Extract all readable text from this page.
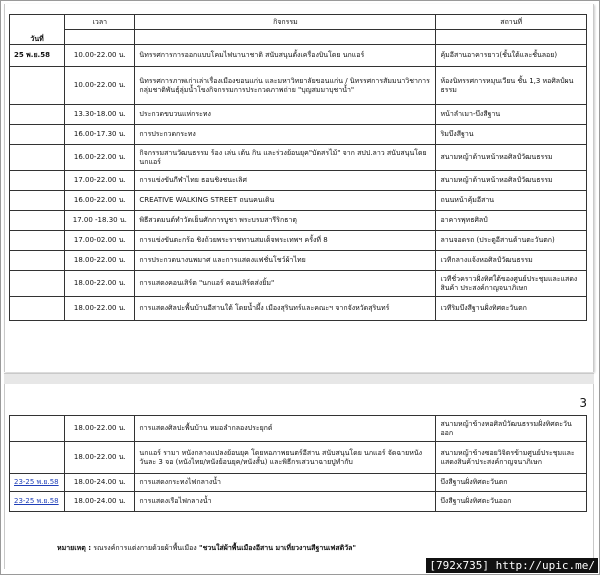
วันที่	เวลา	กิจกรรม	สถานที่

25 พ.ย.58	10.00-22.00 น.	นิทรรศการการออกแบบโคมไฟนานาชาติ สนับสนุนตั้งเครื่องบินโดย นกแอร์	คุ้มอีสานอาคารยาว(ชั้นใต้และชั้นลอย)
	10.00-22.00 น.	นิทรรศการภาพเก่าเล่าเรื่องเมืองขอนแก่น และมหาวิทยาลัยขอนแก่น / นิทรรศการสัมมนาวิชาการ กลุ่มชาติพันธุ์ลุ่มน้ำโขงกิจกรรมการประกวดภาพถ่าย "บุญสมมาบุชาน้ำ"	ห้องนิทรรศการหมุนเวียน ชั้น 1,3 หอศิลป์ผนธรรม
	13.30-18.00 น.	ประกวดขบวนแห่กระทง	หน้าลำเมา-บึงสีฐาน
	16.00-17.30 น.	การประกวดกระทง	ริมบึงสีฐาน
	16.00-22.00 น.	กิจกรรมสานวัฒนธรรม ร้อง เล่น เต้น กิน และร่วงย้อนยุค"บัดสรไม้" จาก สปป.ลาว สนับสนุนโดยนกแอร์	สนามหญ้าด้านหน้าหอศิลป์วัฒนธรรม
	17.00-22.00 น.	การแข่งขันกีฬาไทย ธอนชิงชนะเลิศ	สนามหญ้าด้านหน้าหอศิลป์วัฒนธรรม
	16.00-22.00 น.	CREATIVE WALKING STREET ถนนคนเดิน	ถนนหน้าคุ้มอีสาน
	17.00 -18.30 น.	พิธีสวดมนต์ทำวัดเย็นศักการบูชา พระบรมสารีริกธาตุ	อาคารพุทธศิลป์
	17.00-02.00 น.	การแข่งขันตะกร้อ ชิงถ้วยพระราชทานสมเด็จพระเทพฯ ครั้งที่ 8	ลานจอดรถ (ประตูอีสานด้านตะวันตก)
	18.00-22.00 น.	การประกวดนางนพมาศ และการแสดงแฟชั่นโชว์ผ้าไทย	เวทีกลางแจ้งหอศิลป์วัฒนธรรม
	18.00-22.00 น.	การแสดงคอนเสิร์ต "นกแอร์ คอนเสิร์ตส่งยิ้ม"	เวทีชั่วคราวฝั่งทิศใต้ของศูนย์ประชุมและแสดงสินค้า ประสงค์กาญจนาภิเษก
	18.00-22.00 น.	การแสดงศิลปะพื้นบ้านอีสานใต้ โดยน้ำผึ้ง เมืองสุรินทร์และคณะฯ จากจังหวัดสุรินทร์	เวทีริมบึงสีฐานฝั่งทิศตะวันตก
3
	18.00-22.00 น.	การแสดงศิลปะพื้นบ้าน หมอลำกลองประยุกต์	สนามหญ้าข้างหอศิลป์วัฒนธรรมฝั่งทิศตะวันออก
	18.00-22.00 น.	นกแอร์ รามา หนังกลางแปลงย้อนยุค โดยหอภาพยนตร์อีสาน สนับสนุนโดย นกแอร์ จัดฉายหนัง วันละ 3 จอ (หนังไทย/หนังย้อนยุค/หนังสั้น) และพิธีกรเสวนาฉายปูทำกับ	สนามหญ้าข้างซอยวิจิตรข้ามศูนย์ประชุมและแสดงสินค้าประสงค์กาญจนาภิเษก
23-25 พ.ย.58	18.00-24.00 น.	การแสดงกระทงไฟกลางน้ำ	บึงสีฐานฝั่งทิศตะวันตก
23-25 พ.ย.58	18.00-24.00 น.	การแสดงเรือไฟกลางน้ำ	บึงสีฐานฝั่งทิศตะวันออก
หมายเหตุ : รณรงค์การแต่งกายด้วยผ้าพื้นเมือง "ชวนใส่ผ้าพื้นเมืองอีสาน มาเที่ยวงานสีฐานเฟสติวัล"
[792x735] http://upic.me/
